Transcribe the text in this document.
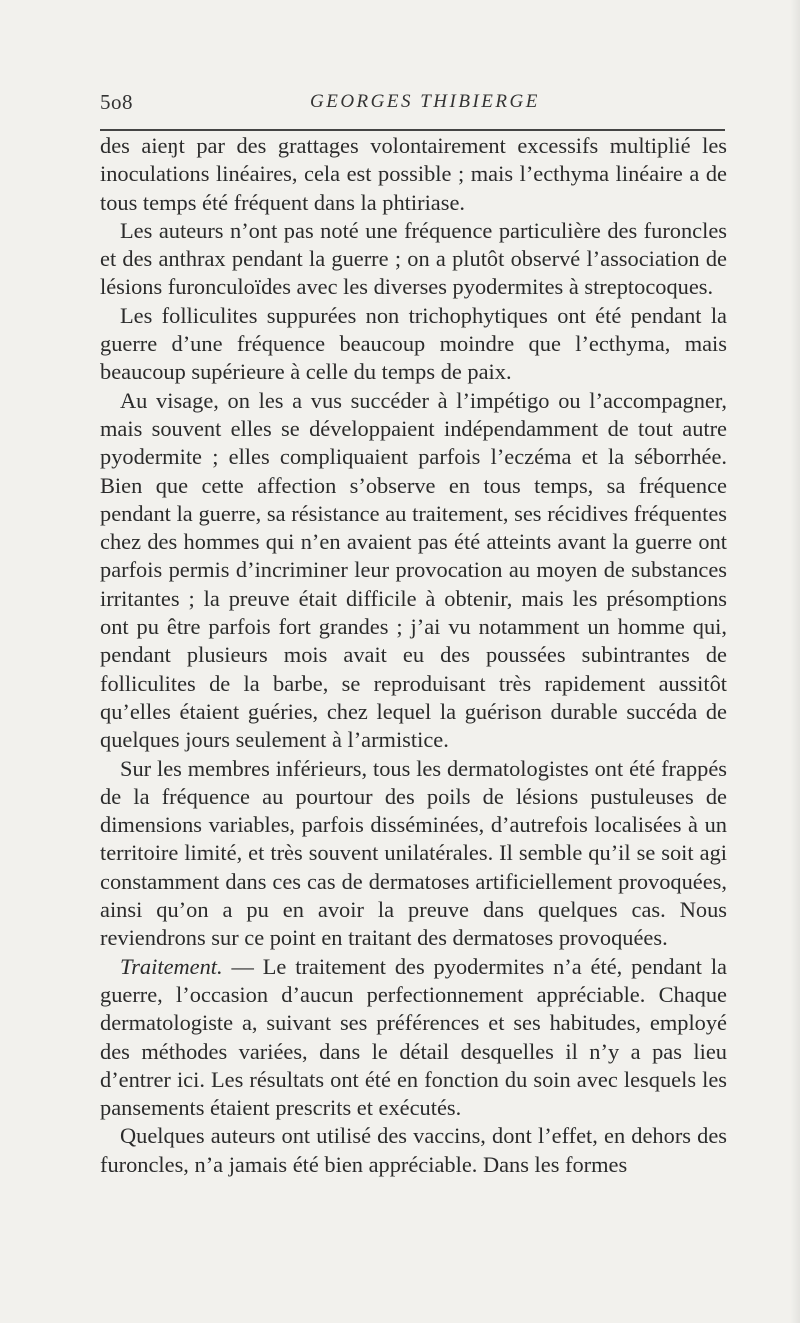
5o8	GEORGES THIBIERGE

des aieŋt par des grattages volontairement excessifs multiplié les inoculations linéaires, cela est possible ; mais l’ecthyma linéaire a de tous temps été fréquent dans la phtiriase.

Les auteurs n’ont pas noté une fréquence particulière des furoncles et des anthrax pendant la guerre ; on a plutôt observé l’association de lésions furonculoïdes avec les diverses pyodermites à streptocoques.

Les folliculites suppurées non trichophytiques ont été pendant la guerre d’une fréquence beaucoup moindre que l’ecthyma, mais beaucoup supérieure à celle du temps de paix.

Au visage, on les a vus succéder à l’impétigo ou l’accompagner, mais souvent elles se développaient indépendamment de tout autre pyodermite ; elles compliquaient parfois l’eczéma et la séborrhée. Bien que cette affection s’observe en tous temps, sa fréquence pendant la guerre, sa résistance au traitement, ses récidives fréquentes chez des hommes qui n’en avaient pas été atteints avant la guerre ont parfois permis d’incriminer leur provocation au moyen de substances irritantes ; la preuve était difficile à obtenir, mais les présomptions ont pu être parfois fort grandes ; j’ai vu notamment un homme qui, pendant plusieurs mois avait eu des poussées subintrantes de folliculites de la barbe, se reproduisant très rapidement aussitôt qu’elles étaient guéries, chez lequel la guérison durable succéda de quelques jours seulement à l’armistice.

Sur les membres inférieurs, tous les dermatologistes ont été frappés de la fréquence au pourtour des poils de lésions pustuleuses de dimensions variables, parfois disséminées, d’autrefois localisées à un territoire limité, et très souvent unilatérales. Il semble qu’il se soit agi constamment dans ces cas de dermatoses artificiellement provoquées, ainsi qu’on a pu en avoir la preuve dans quelques cas. Nous reviendrons sur ce point en traitant des dermatoses provoquées.

Traitement. — Le traitement des pyodermites n’a été, pendant la guerre, l’occasion d’aucun perfectionnement appréciable. Chaque dermatologiste a, suivant ses préférences et ses habitudes, employé des méthodes variées, dans le détail desquelles il n’y a pas lieu d’entrer ici. Les résultats ont été en fonction du soin avec lesquels les pansements étaient prescrits et exécutés.

Quelques auteurs ont utilisé des vaccins, dont l’effet, en dehors des furoncles, n’a jamais été bien appréciable. Dans les formes
